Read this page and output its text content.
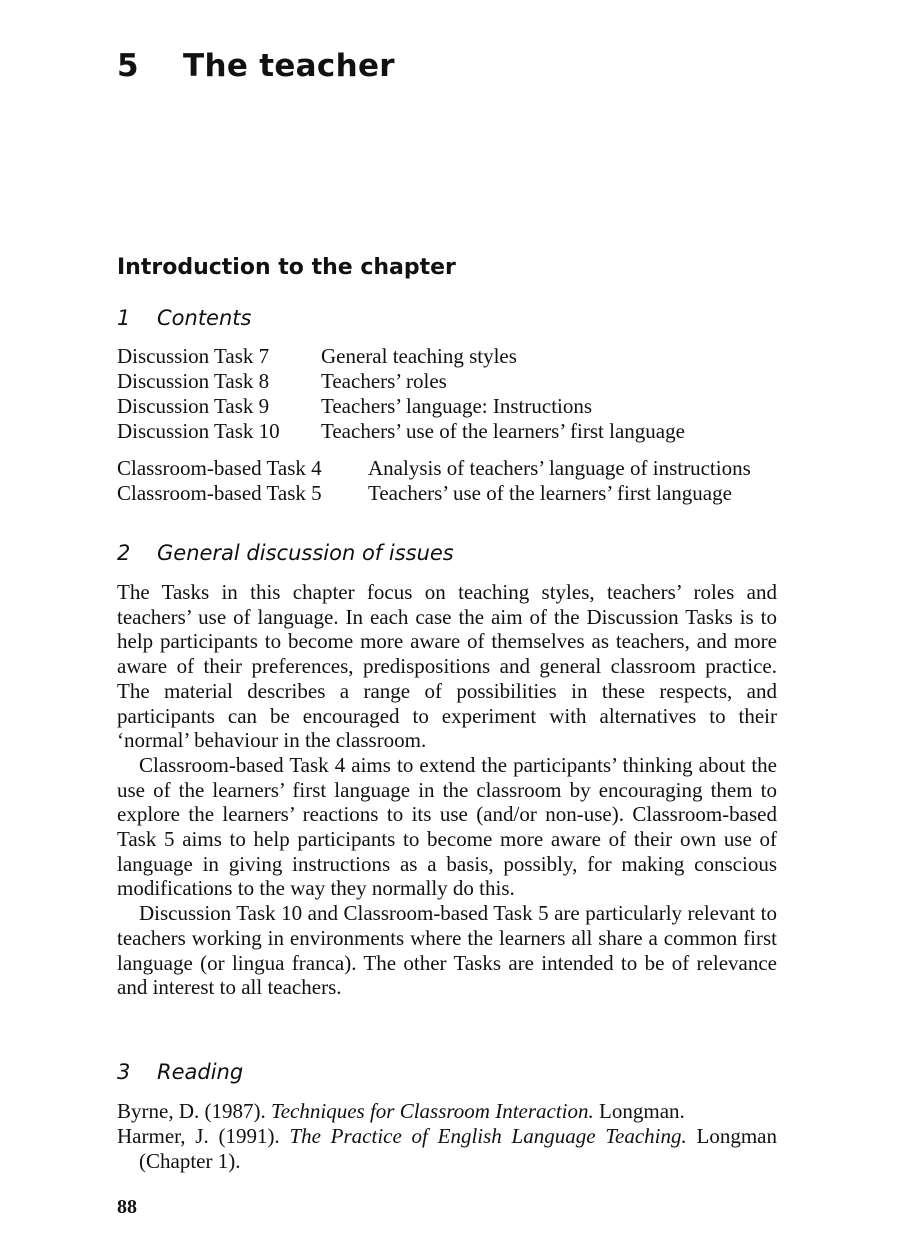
5 The teacher
Introduction to the chapter
1 Contents
Discussion Task 7	General teaching styles
Discussion Task 8	Teachers’ roles
Discussion Task 9	Teachers’ language: Instructions
Discussion Task 10	Teachers’ use of the learners’ first language
Classroom-based Task 4	Analysis of teachers’ language of instructions
Classroom-based Task 5	Teachers’ use of the learners’ first language
2 General discussion of issues

The Tasks in this chapter focus on teaching styles, teachers’ roles and teachers’ use of language. In each case the aim of the Discussion Tasks is to help participants to become more aware of themselves as teachers, and more aware of their preferences, predispositions and general classroom practice. The material describes a range of possibilities in these respects, and participants can be encouraged to experiment with alternatives to their ‘normal’ behaviour in the classroom.

Classroom-based Task 4 aims to extend the participants’ thinking about the use of the learners’ first language in the classroom by encouraging them to explore the learners’ reactions to its use (and/or non-use). Classroom-based Task 5 aims to help participants to become more aware of their own use of language in giving instructions as a basis, possibly, for making conscious modifications to the way they normally do this.

Discussion Task 10 and Classroom-based Task 5 are particularly relevant to teachers working in environments where the learners all share a common first language (or lingua franca). The other Tasks are intended to be of relevance and interest to all teachers.

3 Reading

Byrne, D. (1987). Techniques for Classroom Interaction. Longman.

Harmer, J. (1991). The Practice of English Language Teaching. Longman (Chapter 1).

88
